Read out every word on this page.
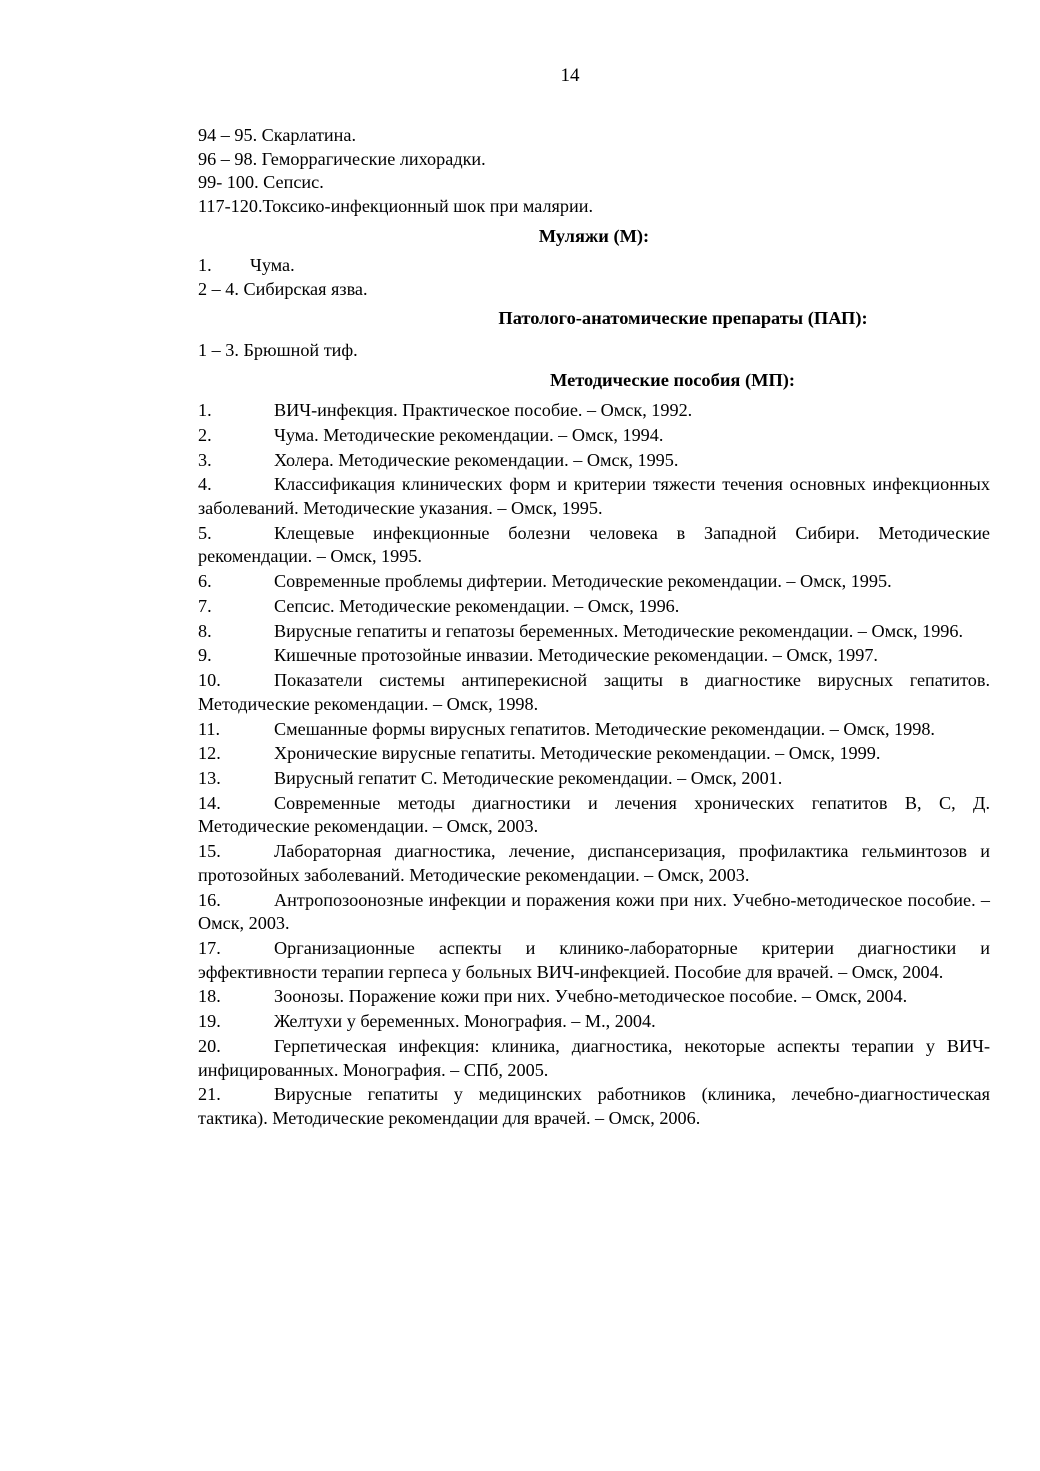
14

94 – 95. Скарлатина.

96 – 98. Геморрагические лихорадки.

99- 100. Сепсис.

117-120.Токсико-инфекционный шок при малярии.

Муляжи (М):

1. Чума.

2 – 4. Сибирская язва.

Патолого-анатомические препараты (ПАП):

1 – 3. Брюшной тиф.

Методические пособия (МП):

1.	ВИЧ-инфекция. Практическое пособие. – Омск, 1992.

2.	Чума. Методические рекомендации. – Омск, 1994.

3.	Холера. Методические рекомендации. – Омск, 1995.

4.	Классификация клинических форм и критерии тяжести течения основных инфекционных заболеваний. Методические указания. – Омск, 1995.

5.	Клещевые инфекционные болезни человека в Западной Сибири. Методические рекомендации. – Омск, 1995.

6.	Современные проблемы дифтерии. Методические рекомендации. – Омск, 1995.

7.	Сепсис. Методические рекомендации. – Омск, 1996.

8.	Вирусные гепатиты и гепатозы беременных. Методические рекомендации. – Омск, 1996.

9.	Кишечные протозойные инвазии. Методические рекомендации. – Омск, 1997.

10.	Показатели системы антиперекисной защиты в диагностике вирусных гепатитов. Методические рекомендации. – Омск, 1998.

11.	Смешанные формы вирусных гепатитов. Методические рекомендации. – Омск, 1998.

12.	Хронические вирусные гепатиты. Методические рекомендации. – Омск, 1999.

13.	Вирусный гепатит С. Методические рекомендации. – Омск, 2001.

14.	Современные методы диагностики и лечения хронических гепатитов В, С, Д. Методические рекомендации. – Омск, 2003.

15.	Лабораторная диагностика, лечение, диспансеризация, профилактика гельминтозов и протозойных заболеваний. Методические рекомендации. – Омск, 2003.

16.	Антропозоонозные инфекции и поражения кожи при них. Учебно-методическое пособие. – Омск, 2003.

17.	Организационные аспекты и клинико-лабораторные критерии диагностики и эффективности терапии герпеса у больных ВИЧ-инфекцией. Пособие для врачей. – Омск, 2004.

18.	Зоонозы. Поражение кожи при них. Учебно-методическое пособие. – Омск, 2004.

19.	Желтухи у беременных. Монография. – М., 2004.

20.	Герпетическая инфекция: клиника, диагностика, некоторые аспекты терапии у ВИЧ-инфицированных. Монография. – СПб, 2005.

21.	Вирусные гепатиты у медицинских работников (клиника, лечебно-диагностическая тактика). Методические рекомендации для врачей. – Омск, 2006.
